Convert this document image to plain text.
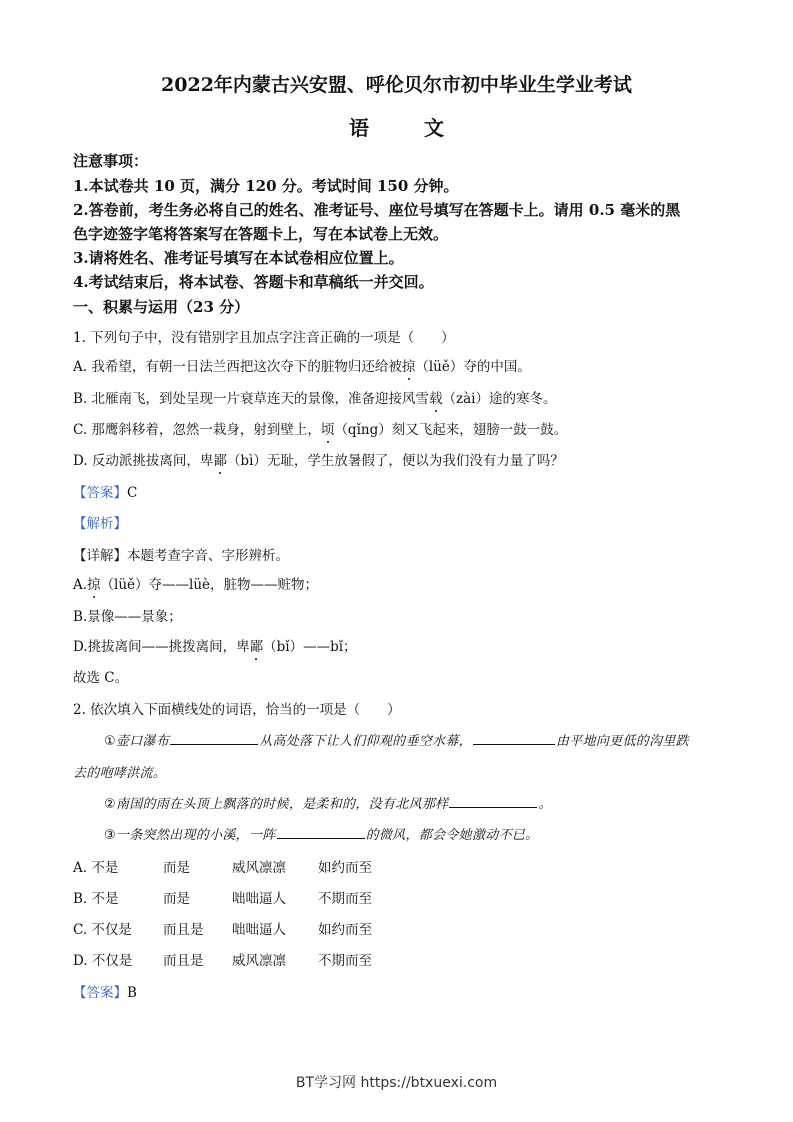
2022年内蒙古兴安盟、呼伦贝尔市初中毕业生学业考试
语 文
注意事项：
1.本试卷共 10 页，满分 120 分。考试时间 150 分钟。
2.答卷前，考生务必将自己的姓名、准考证号、座位号填写在答题卡上。请用 0.5 毫米的黑
色字迹签字笔将答案写在答题卡上，写在本试卷上无效。
3.请将姓名、准考证号填写在本试卷相应位置上。
4.考试结束后，将本试卷、答题卡和草稿纸一并交回。
一、积累与运用（23 分）
1. 下列句子中，没有错别字且加点字注音正确的一项是（　　）
A. 我希望，有朝一日法兰西把这次夺下的脏物归还给被掠（lüě）夺的中国。
B. 北雁南飞，到处呈现一片衰草连天的景像，准备迎接风雪载（zài）途的寒冬。
C. 那鹰斜移着，忽然一栽身，射到壁上，顷（qǐng）刻又飞起来，翅膀一鼓一鼓。
D. 反动派挑拔离间，卑鄙（bì）无耻，学生放暑假了，便以为我们没有力量了吗？
【答案】C
【解析】
【详解】本题考查字音、字形辨析。
A.掠（lüě）夺——lüè，脏物——赃物；
B.景像——景象；
D.挑拔离间——挑拨离间，卑鄙（bǐ）——bǐ；
故选 C。
2. 依次填入下面横线处的词语，恰当的一项是（　　）
①壶口瀑布	从高处落下让人们仰观的垂空水幕，	由平地向更低的沟里跌
去的咆哮洪流。
②南国的雨在头顶上飘落的时候，是柔和的，没有北风那样	。
③一条突然出现的小溪，一阵	的微风，都会令她激动不已。
A. 不是	而是	威风凛凛 如约而至
B. 不是	而是	咄咄逼人 不期而至
C. 不仅是 而且是 咄咄逼人 如约而至
D. 不仅是 而且是 威风凛凛 不期而至
【答案】B
BT学习网 https://btxuexi.com
